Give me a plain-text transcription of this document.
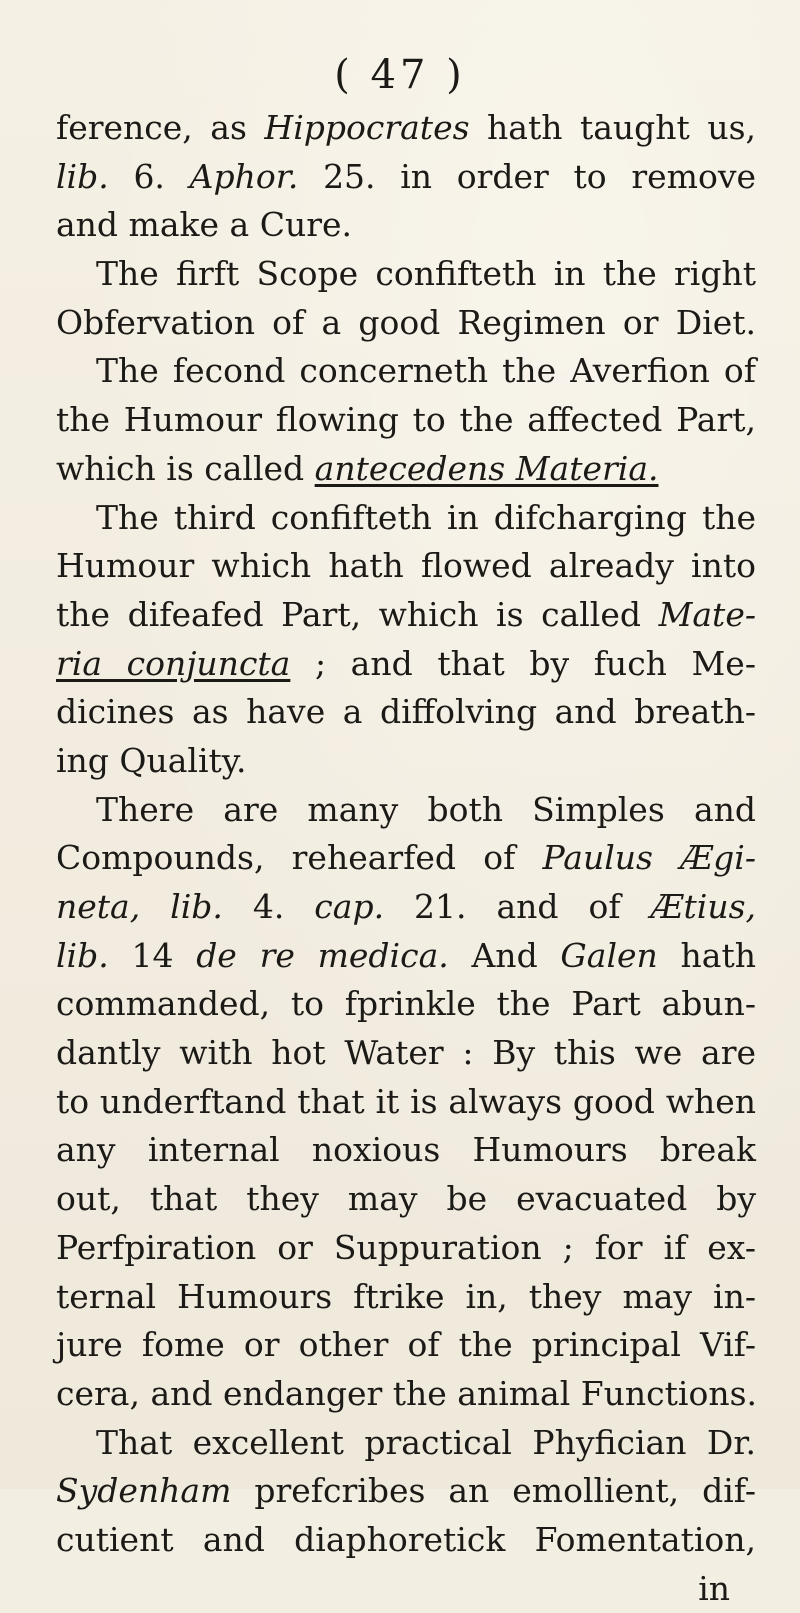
( 47 )
ference, as Hippocrates hath taught us,
lib. 6. Aphor. 25. in order to remove
and make a Cure.
The firft Scope confifteth in the right
Obfervation of a good Regimen or Diet.
The fecond concerneth the Averfion of
the Humour flowing to the affected Part,
which is called antecedens Materia.
The third confifteth in difcharging the
Humour which hath flowed already into
the difeafed Part, which is called Mate-
ria conjuncta ; and that by fuch Me-
dicines as have a diffolving and breath-
ing Quality.
There are many both Simples and
Compounds, rehearfed of Paulus Ægi-
neta, lib. 4. cap. 21. and of Ætius,
lib. 14 de re medica. And Galen hath
commanded, to fprinkle the Part abun-
dantly with hot Water : By this we are
to underftand that it is always good when
any internal noxious Humours break
out, that they may be evacuated by
Perfpiration or Suppuration ; for if ex-
ternal Humours ftrike in, they may in-
jure fome or other of the principal Vif-
cera, and endanger the animal Functions.
That excellent practical Phyfician Dr.
Sydenham prefcribes an emollient, dif-
cutient and diaphoretick Fomentation,
in
